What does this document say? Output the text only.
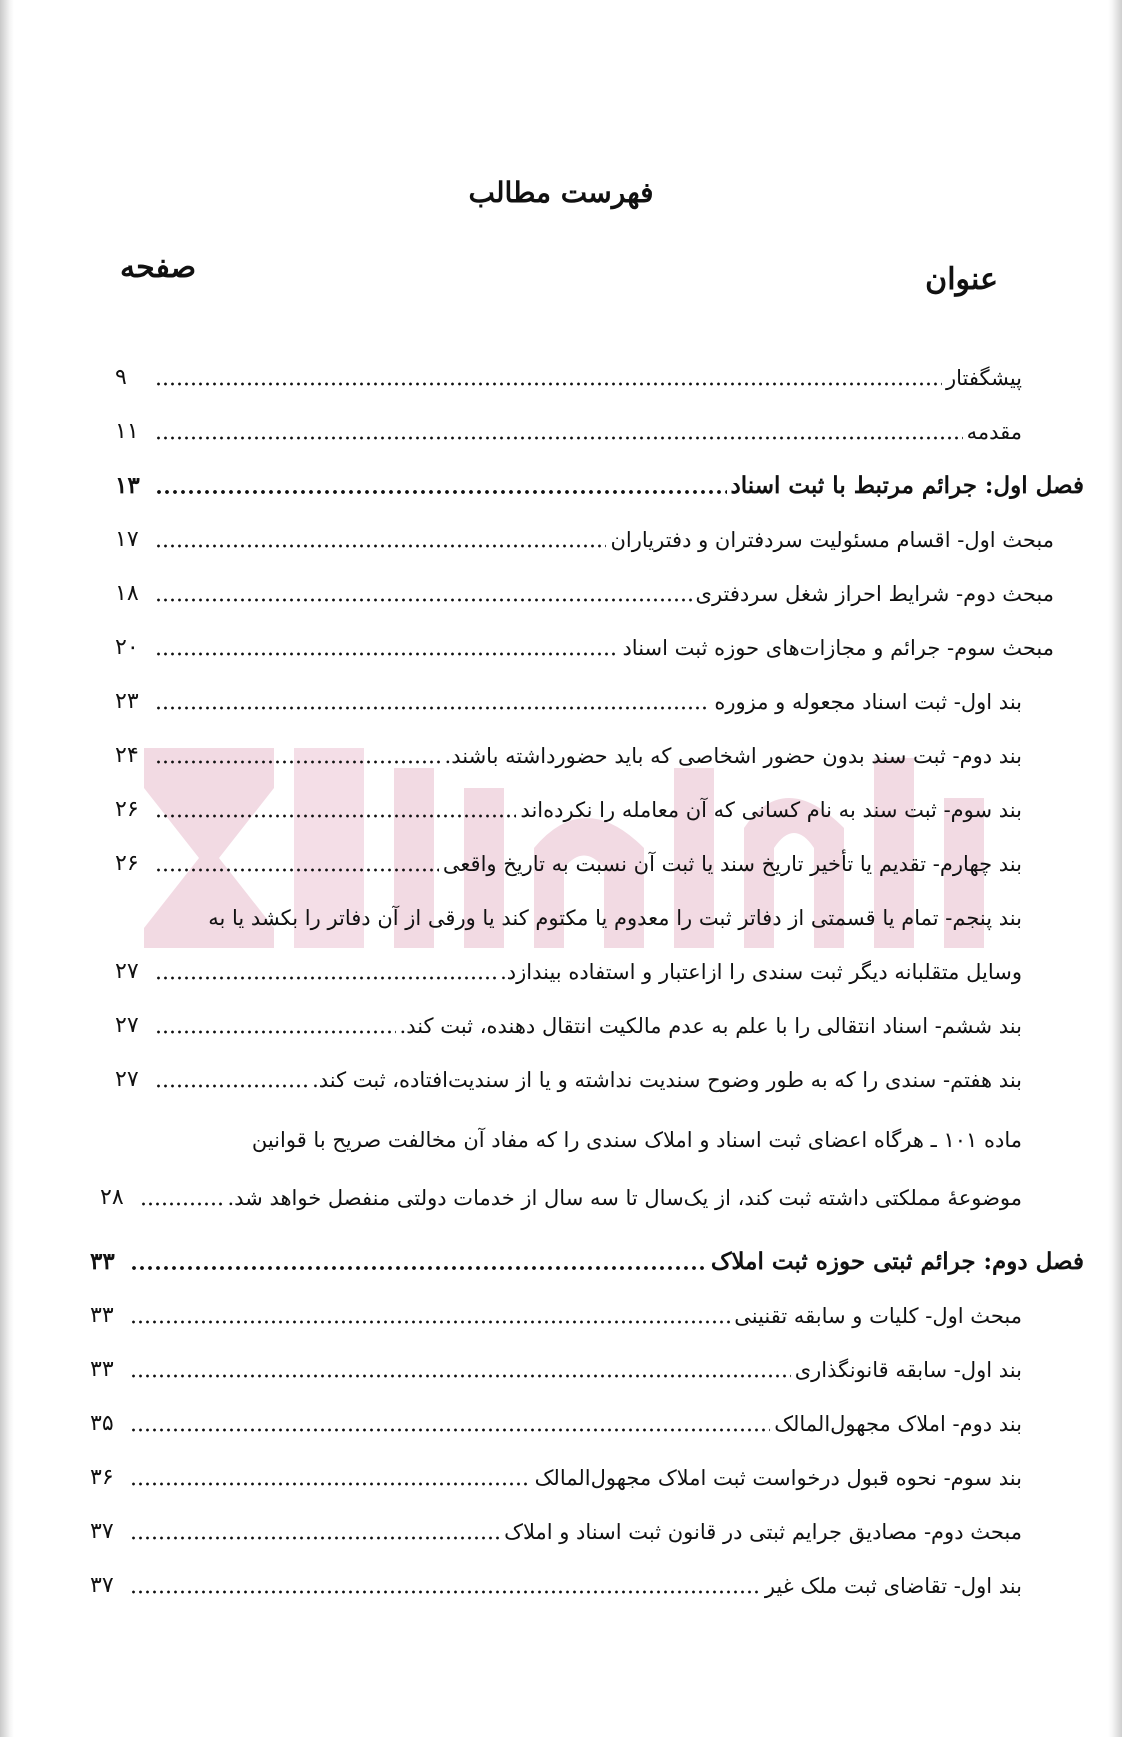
فهرست مطالب
عنوان
صفحه
پیشگفتار
۹
مقدمه
۱۱
فصل اول: جرائم مرتبط با ثبت اسناد
۱۳
مبحث اول- اقسام مسئولیت سردفتران و دفتریاران
۱۷
مبحث دوم- شرایط احراز شغل سردفتری
۱۸
مبحث سوم- جرائم و مجازات‌های حوزه ثبت اسناد
۲۰
بند اول- ثبت اسناد مجعوله و مزوره
۲۳
بند دوم- ثبت سند بدون حضور اشخاصی که باید حضورداشته باشند.
۲۴
بند سوم- ثبت سند به نام کسانی که آن معامله را نکرده‌اند
۲۶
بند چهارم- تقدیم یا تأخیر تاریخ سند یا ثبت آن نسبت به تاریخ واقعی
۲۶
بند پنجم- تمام یا قسمتی از دفاتر ثبت را معدوم یا مکتوم کند یا ورقی از آن دفاتر را بکشد یا به
وسایل متقلبانه دیگر ثبت سندی را ازاعتبار و استفاده بیندازد.
۲۷
بند ششم- اسناد انتقالی را با علم به عدم مالکیت انتقال دهنده، ثبت کند.
۲۷
بند هفتم- سندی را که به طور وضوح سندیت نداشته و یا از سندیت‌افتاده، ثبت کند.
۲۷
ماده ۱۰۱ ـ هرگاه اعضای ثبت اسناد و املاک سندی را که مفاد آن مخالفت صریح با قوانین
موضوعهٔ مملکتی داشته ثبت کند، از یک‌سال تا سه سال از خدمات دولتی منفصل خواهد شد.
۲۸
فصل دوم: جرائم ثبتی حوزه ثبت املاک
۳۳
مبحث اول- کلیات و سابقه تقنینی
۳۳
بند اول- سابقه قانونگذاری
۳۳
بند دوم- املاک مجهول‌المالک
۳۵
بند سوم- نحوه قبول درخواست ثبت املاک مجهول‌المالک
۳۶
مبحث دوم- مصادیق جرایم ثبتی در قانون ثبت اسناد و املاک
۳۷
بند اول- تقاضای ثبت ملک غیر
۳۷
